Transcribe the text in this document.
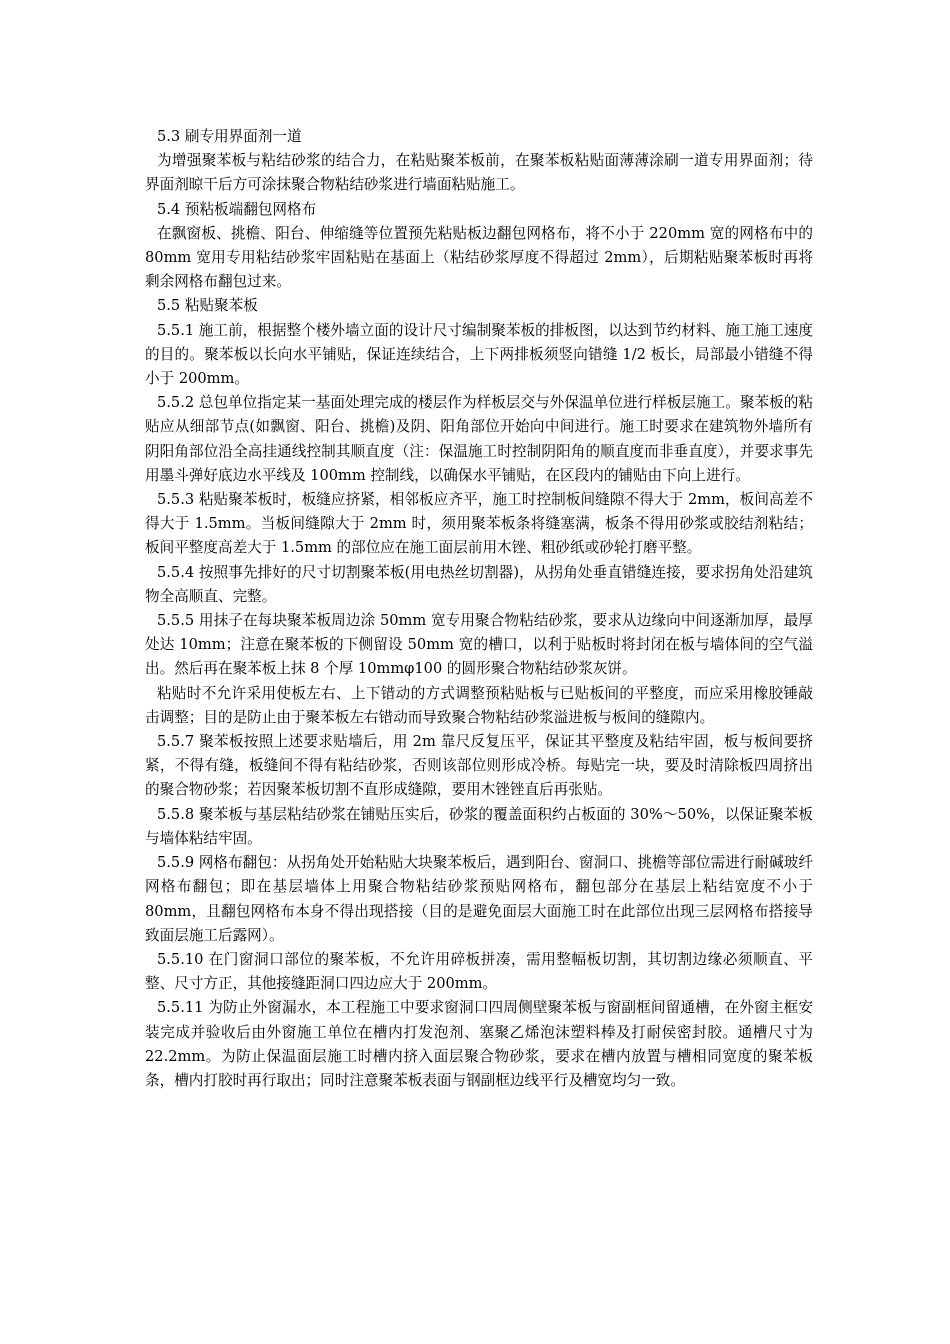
5.3 刷专用界面剂一道

为增强聚苯板与粘结砂浆的结合力，在粘贴聚苯板前，在聚苯板粘贴面薄薄涂刷一道专用界面剂；待界面剂晾干后方可涂抹聚合物粘结砂浆进行墙面粘贴施工。

5.4 预粘板端翻包网格布

在飘窗板、挑檐、阳台、伸缩缝等位置预先粘贴板边翻包网格布，将不小于 220mm 宽的网格布中的 80mm 宽用专用粘结砂浆牢固粘贴在基面上（粘结砂浆厚度不得超过 2mm），后期粘贴聚苯板时再将剩余网格布翻包过来。

5.5 粘贴聚苯板

5.5.1 施工前，根据整个楼外墙立面的设计尺寸编制聚苯板的排板图，以达到节约材料、施工施工速度的目的。聚苯板以长向水平铺贴，保证连续结合，上下两排板须竖向错缝 1/2 板长，局部最小错缝不得小于 200mm。

5.5.2 总包单位指定某一基面处理完成的楼层作为样板层交与外保温单位进行样板层施工。聚苯板的粘贴应从细部节点(如飘窗、阳台、挑檐)及阴、阳角部位开始向中间进行。施工时要求在建筑物外墙所有阴阳角部位沿全高挂通线控制其顺直度（注：保温施工时控制阴阳角的顺直度而非垂直度），并要求事先用墨斗弹好底边水平线及 100mm 控制线，以确保水平铺贴，在区段内的铺贴由下向上进行。

5.5.3 粘贴聚苯板时，板缝应挤紧，相邻板应齐平，施工时控制板间缝隙不得大于 2mm，板间高差不得大于 1.5mm。当板间缝隙大于 2mm 时，须用聚苯板条将缝塞满，板条不得用砂浆或胶结剂粘结；板间平整度高差大于 1.5mm 的部位应在施工面层前用木锉、粗砂纸或砂轮打磨平整。

5.5.4 按照事先排好的尺寸切割聚苯板(用电热丝切割器)，从拐角处垂直错缝连接，要求拐角处沿建筑物全高顺直、完整。

5.5.5 用抹子在每块聚苯板周边涂 50mm 宽专用聚合物粘结砂浆，要求从边缘向中间逐渐加厚，最厚处达 10mm；注意在聚苯板的下侧留设 50mm 宽的槽口，以利于贴板时将封闭在板与墙体间的空气溢出。然后再在聚苯板上抹 8 个厚 10mmφ100 的圆形聚合物粘结砂浆灰饼。

粘贴时不允许采用使板左右、上下错动的方式调整预粘贴板与已贴板间的平整度，而应采用橡胶锤敲击调整；目的是防止由于聚苯板左右错动而导致聚合物粘结砂浆溢进板与板间的缝隙内。

5.5.7 聚苯板按照上述要求贴墙后，用 2m 靠尺反复压平，保证其平整度及粘结牢固，板与板间要挤紧，不得有缝，板缝间不得有粘结砂浆，否则该部位则形成冷桥。每贴完一块，要及时清除板四周挤出的聚合物砂浆；若因聚苯板切割不直形成缝隙，要用木锉锉直后再张贴。

5.5.8 聚苯板与基层粘结砂浆在铺贴压实后，砂浆的覆盖面积约占板面的 30%～50%，以保证聚苯板与墙体粘结牢固。

5.5.9 网格布翻包：从拐角处开始粘贴大块聚苯板后，遇到阳台、窗洞口、挑檐等部位需进行耐碱玻纤网格布翻包；即在基层墙体上用聚合物粘结砂浆预贴网格布，翻包部分在基层上粘结宽度不小于 80mm，且翻包网格布本身不得出现搭接（目的是避免面层大面施工时在此部位出现三层网格布搭接导致面层施工后露网）。

5.5.10 在门窗洞口部位的聚苯板，不允许用碎板拼凑，需用整幅板切割，其切割边缘必须顺直、平整、尺寸方正，其他接缝距洞口四边应大于 200mm。

5.5.11 为防止外窗漏水，本工程施工中要求窗洞口四周侧壁聚苯板与窗副框间留通槽，在外窗主框安装完成并验收后由外窗施工单位在槽内打发泡剂、塞聚乙烯泡沫塑料棒及打耐侯密封胶。通槽尺寸为 22.2mm。为防止保温面层施工时槽内挤入面层聚合物砂浆，要求在槽内放置与槽相同宽度的聚苯板条，槽内打胶时再行取出；同时注意聚苯板表面与钢副框边线平行及槽宽均匀一致。
